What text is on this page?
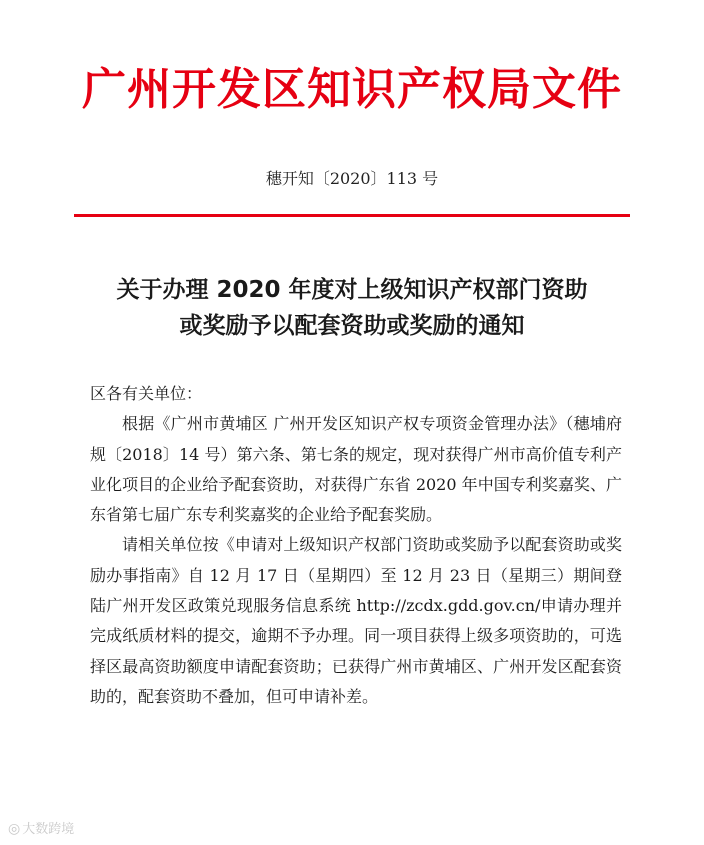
广州开发区知识产权局文件
穗开知〔2020〕113 号
关于办理 2020 年度对上级知识产权部门资助
或奖励予以配套资助或奖励的通知

区各有关单位：

根据《广州市黄埔区 广州开发区知识产权专项资金管理办法》（穗埔府规〔2018〕14 号）第六条、第七条的规定，现对获得广州市高价值专利产业化项目的企业给予配套资助，对获得广东省 2020 年中国专利奖嘉奖、广东省第七届广东专利奖嘉奖的企业给予配套奖励。

请相关单位按《申请对上级知识产权部门资助或奖励予以配套资助或奖励办事指南》自 12 月 17 日（星期四）至 12 月 23 日（星期三）期间登陆广州开发区政策兑现服务信息系统 http://zcdx.gdd.gov.cn/申请办理并完成纸质材料的提交，逾期不予办理。同一项目获得上级多项资助的，可选择区最高资助额度申请配套资助；已获得广州市黄埔区、广州开发区配套资助的，配套资助不叠加，但可申请补差。

◎ 大数跨境
